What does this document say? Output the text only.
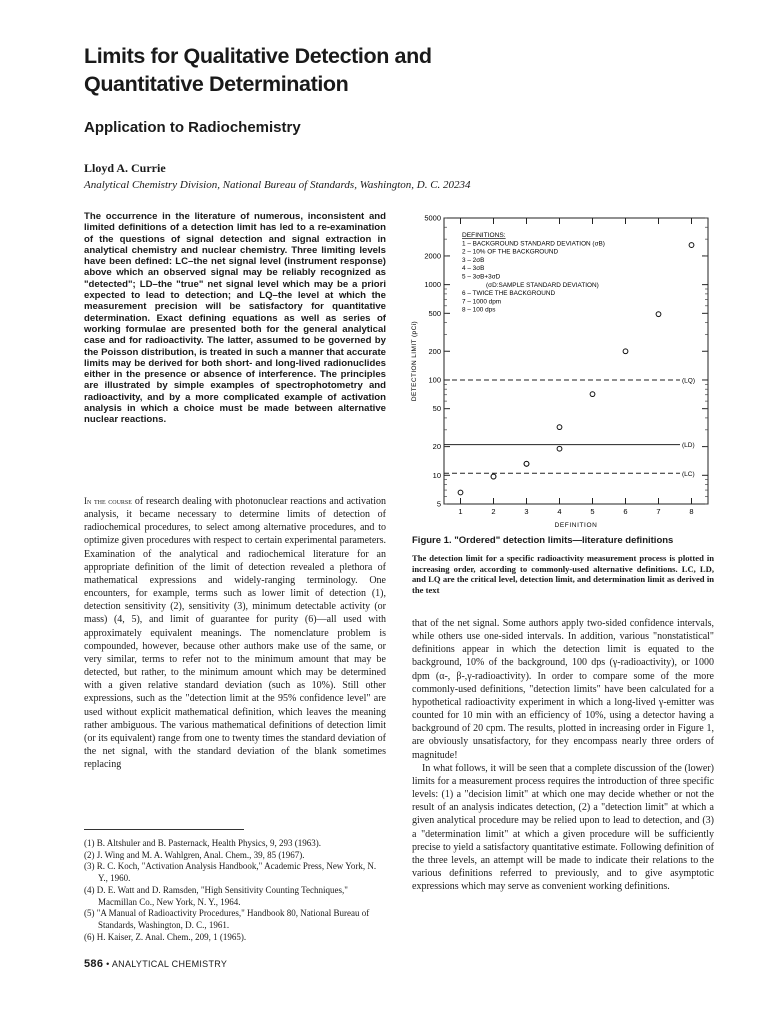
Limits for Qualitative Detection and Quantitative Determination
Application to Radiochemistry
Lloyd A. Currie
Analytical Chemistry Division, National Bureau of Standards, Washington, D. C. 20234

The occurrence in the literature of numerous, inconsistent and limited definitions of a detection limit has led to a re-examination of the questions of signal detection and signal extraction in analytical chemistry and nuclear chemistry. Three limiting levels have been defined: LC–the net signal level (instrument response) above which an observed signal may be reliably recognized as "detected"; LD–the "true" net signal level which may be a priori expected to lead to detection; and LQ–the level at which the measurement precision will be satisfactory for quantitative determination. Exact defining equations as well as series of working formulae are presented both for the general analytical case and for radioactivity. The latter, assumed to be governed by the Poisson distribution, is treated in such a manner that accurate limits may be derived for both short- and long-lived radionuclides either in the presence or absence of interference. The principles are illustrated by simple examples of spectrophotometry and radioactivity, and by a more complicated example of activation analysis in which a choice must be made between alternative nuclear reactions.

In the course of research dealing with photonuclear reactions and activation analysis, it became necessary to determine limits of detection of radiochemical procedures, to select among alternative procedures, and to optimize given procedures with respect to certain experimental parameters. Examination of the analytical and radiochemical literature for an appropriate definition of the limit of detection revealed a plethora of mathematical expressions and widely-ranging terminology. One encounters, for example, terms such as lower limit of detection (1), detection sensitivity (2), sensitivity (3), minimum detectable activity (or mass) (4, 5), and limit of guarantee for purity (6)—all used with approximately equivalent meanings. The nomenclature problem is compounded, however, because other authors make use of the same, or very similar, terms to refer not to the minimum amount that may be detected, but rather, to the minimum amount which may be determined with a given relative standard deviation (such as 10%). Still other expressions, such as the "detection limit at the 95% confidence level" are used without explicit mathematical definition, which leaves the meaning rather ambiguous. The various mathematical definitions of detection limit (or its equivalent) range from one to twenty times the standard deviation of the net signal, with the standard deviation of the blank sometimes replacing

(1) B. Altshuler and B. Pasternack, Health Physics, 9, 293 (1963).
(2) J. Wing and M. A. Wahlgren, Anal. Chem., 39, 85 (1967).
(3) R. C. Koch, "Activation Analysis Handbook," Academic Press, New York, N. Y., 1960.
(4) D. E. Watt and D. Ramsden, "High Sensitivity Counting Techniques," Macmillan Co., New York, N. Y., 1964.
(5) "A Manual of Radioactivity Procedures," Handbook 80, National Bureau of Standards, Washington, D. C., 1961.
(6) H. Kaiser, Z. Anal. Chem., 209, 1 (1965).
586 • ANALYTICAL CHEMISTRY
(LQ)
(LD)
(LC)
5
10
20
50
100
200
500
1000
2000
5000
1	2	3	4	5	6	7	8
DEFINITIONS:
1 – BACKGROUND STANDARD DEVIATION (σB)
2 – 10% OF THE BACKGROUND
3 – 2σB
4 – 3σB
5 – 3σB+3σD
(σD:SAMPLE STANDARD DEVIATION)
6 – TWICE THE BACKGROUND
7 – 1000 dpm
8 – 100 dps
DEFINITION
DETECTION LIMIT (pCi)

Figure 1. "Ordered" detection limits—literature definitions

The detection limit for a specific radioactivity measurement process is plotted in increasing order, according to commonly-used alternative definitions. LC, LD, and LQ are the critical level, detection limit, and determination limit as derived in the text

that of the net signal. Some authors apply two-sided confidence intervals, while others use one-sided intervals. In addition, various "nonstatistical" definitions appear in which the detection limit is equated to the background, 10% of the background, 100 dps (γ-radioactivity), or 1000 dpm (α-, β-,γ-radioactivity). In order to compare some of the more commonly-used definitions, "detection limits" have been calculated for a hypothetical radioactivity experiment in which a long-lived γ-emitter was counted for 10 min with an efficiency of 10%, using a detector having a background of 20 cpm. The results, plotted in increasing order in Figure 1, are obviously unsatisfactory, for they encompass nearly three orders of magnitude!

In what follows, it will be seen that a complete discussion of the (lower) limits for a measurement process requires the introduction of three specific levels: (1) a "decision limit" at which one may decide whether or not the result of an analysis indicates detection, (2) a "detection limit" at which a given analytical procedure may be relied upon to lead to detection, and (3) a "determination limit" at which a given procedure will be sufficiently precise to yield a satisfactory quantitative estimate. Following definition of the three levels, an attempt will be made to indicate their relations to the various definitions referred to previously, and to give asymptotic expressions which may serve as convenient working definitions.
